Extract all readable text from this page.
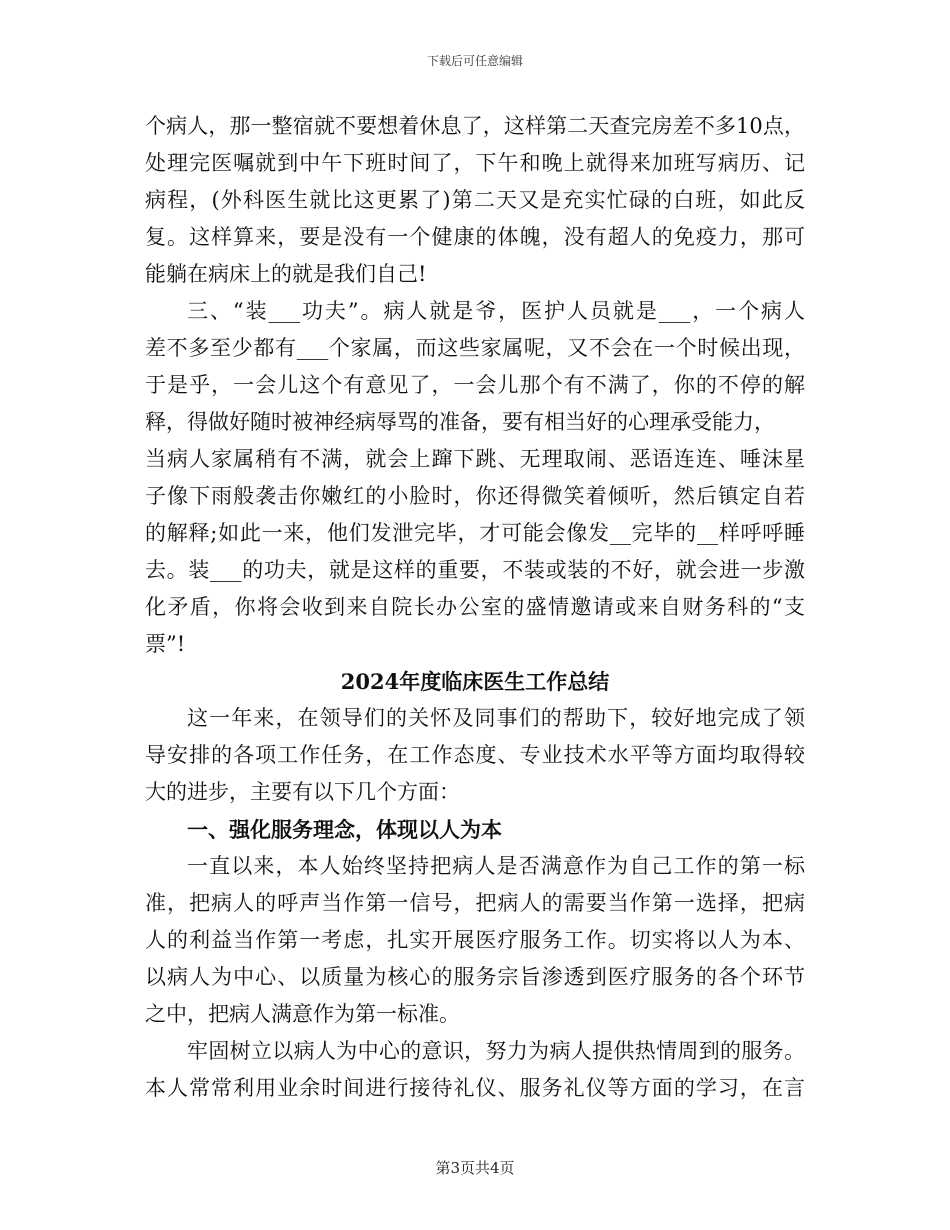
下载后可任意编辑
个病人，那一整宿就不要想着休息了，这样第二天查完房差不多10点，
处理完医嘱就到中午下班时间了，下午和晚上就得来加班写病历、记
病程，(外科医生就比这更累了)第二天又是充实忙碌的白班，如此反
复。这样算来，要是没有一个健康的体魄，没有超人的免疫力，那可
能躺在病床上的就是我们自己!
三、“装___功夫”。病人就是爷，医护人员就是___，一个病人
差不多至少都有___个家属，而这些家属呢，又不会在一个时候出现，
于是乎，一会儿这个有意见了，一会儿那个有不满了，你的不停的解
释，得做好随时被神经病辱骂的准备，要有相当好的心理承受能力，
当病人家属稍有不满，就会上蹿下跳、无理取闹、恶语连连、唾沫星
子像下雨般袭击你嫩红的小脸时，你还得微笑着倾听，然后镇定自若
的解释;如此一来，他们发泄完毕，才可能会像发__完毕的__样呼呼睡
去。装___的功夫，就是这样的重要，不装或装的不好，就会进一步激
化矛盾，你将会收到来自院长办公室的盛情邀请或来自财务科的“支
票”!
2024年度临床医生工作总结
这一年来，在领导们的关怀及同事们的帮助下，较好地完成了领
导安排的各项工作任务，在工作态度、专业技术水平等方面均取得较
大的进步，主要有以下几个方面：
一、强化服务理念，体现以人为本
一直以来，本人始终坚持把病人是否满意作为自己工作的第一标
准，把病人的呼声当作第一信号，把病人的需要当作第一选择，把病
人的利益当作第一考虑，扎实开展医疗服务工作。切实将以人为本、
以病人为中心、以质量为核心的服务宗旨渗透到医疗服务的各个环节
之中，把病人满意作为第一标准。
牢固树立以病人为中心的意识，努力为病人提供热情周到的服务。
本人常常利用业余时间进行接待礼仪、服务礼仪等方面的学习，在言
第3页共4页
